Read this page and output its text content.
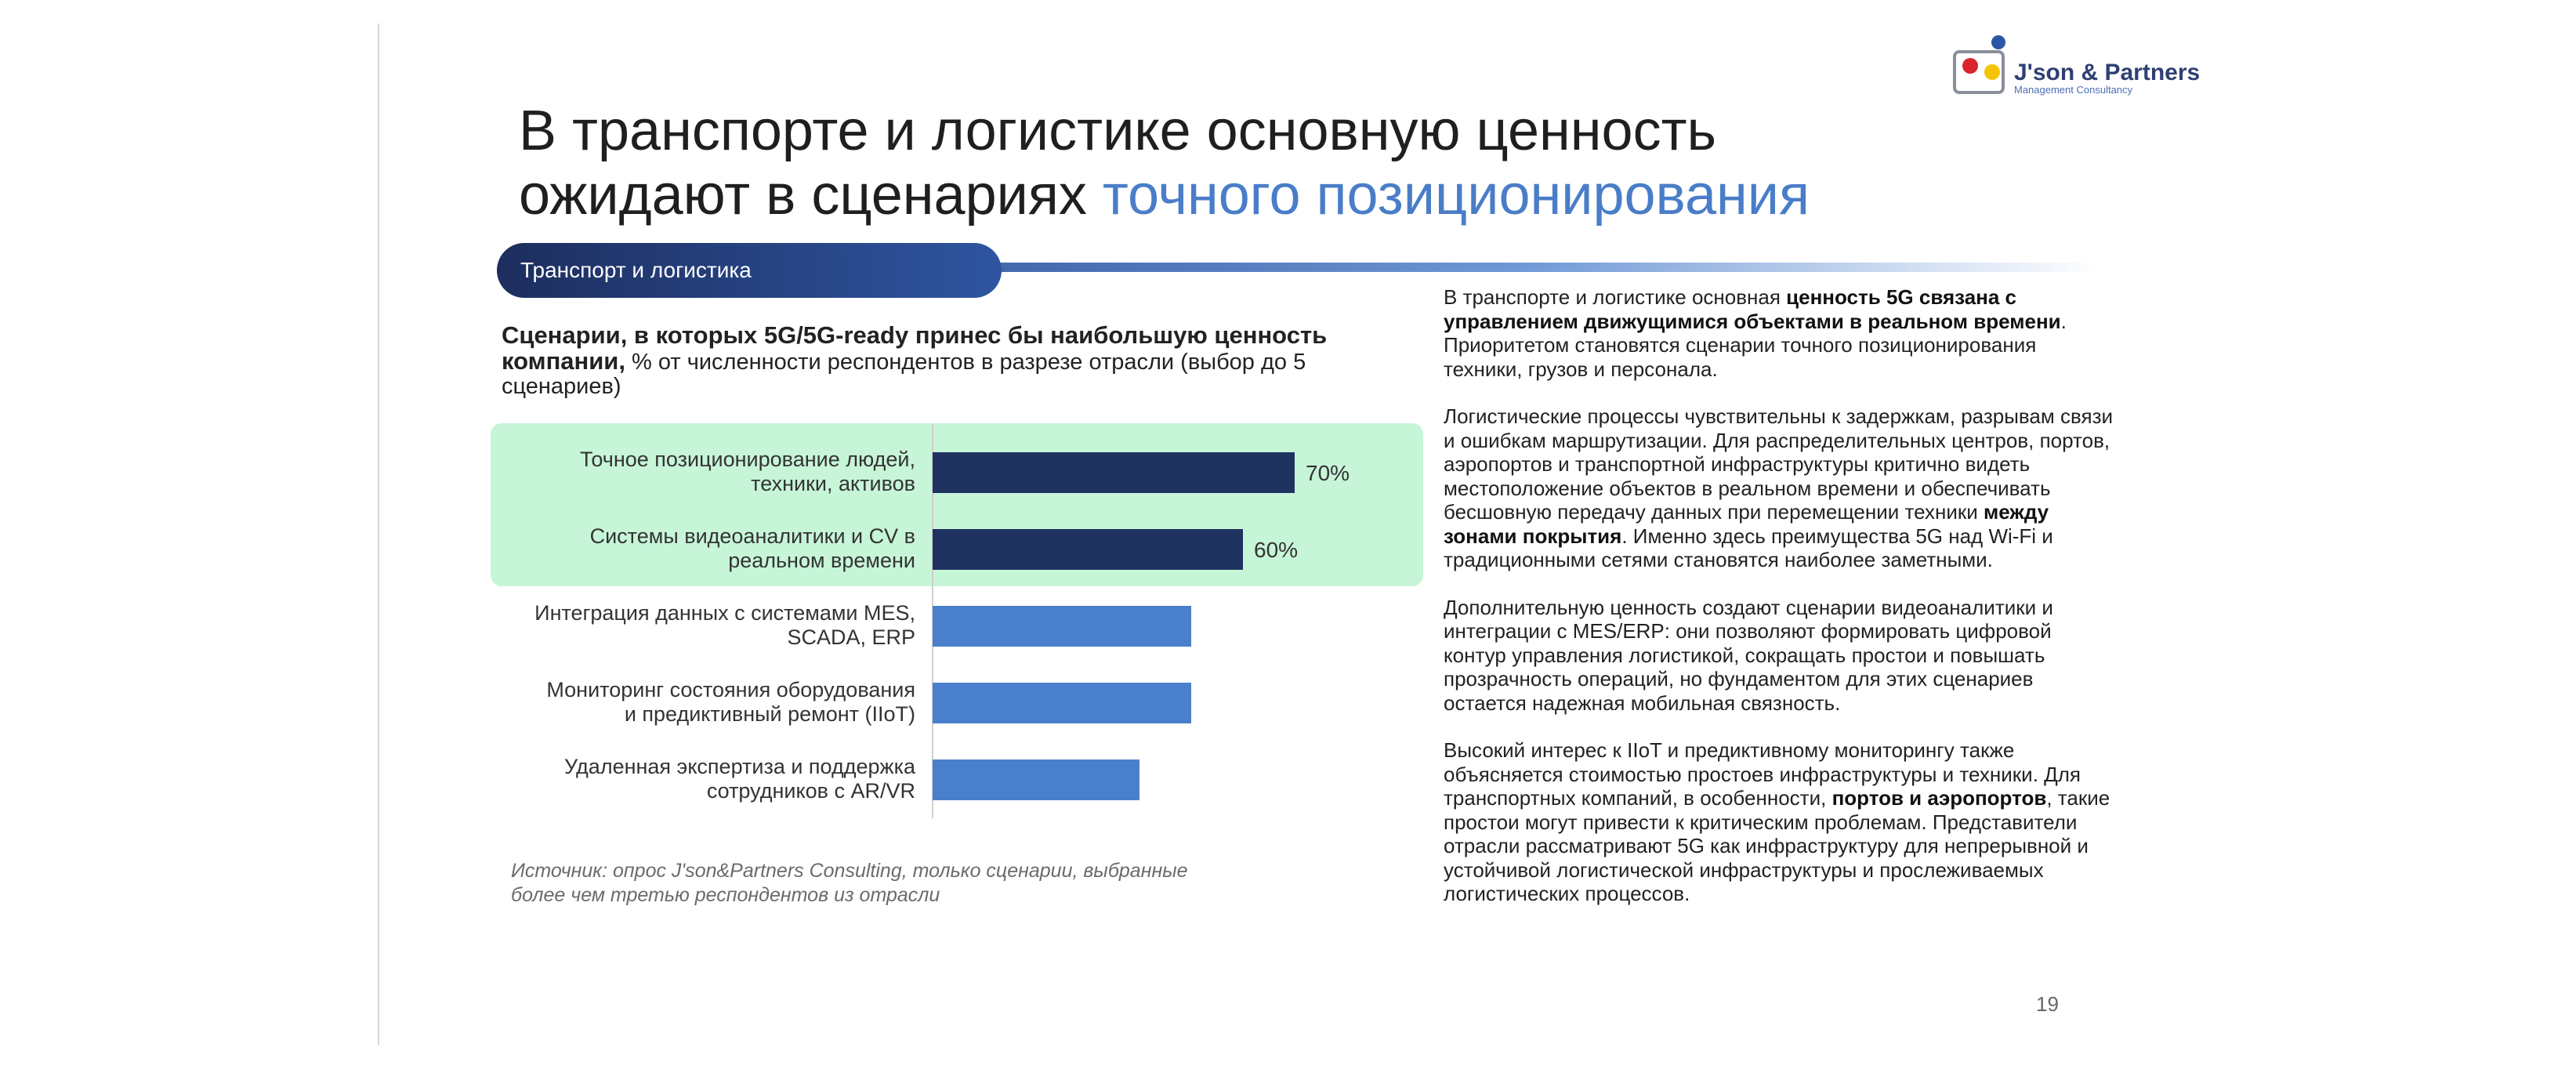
В транспорте и логистике основную ценность
ожидают в сценариях точного позиционирования
J'son & Partners
Management Consultancy
Транспорт и логистика
Сценарии, в которых 5G/5G-ready принес бы наибольшую ценность компании, % от численности респондентов в разрезе отрасли (выбор до 5 сценариев)
Точное позиционирование людей, техники, активов	70%
Системы видеоаналитики и CV в реальном времени	60%
Интеграция данных с системами MES, SCADA, ERP
Мониторинг состояния оборудования и предиктивный ремонт (IIoT)
Удаленная экспертиза и поддержка сотрудников с AR/VR
Источник: опрос J'son&Partners Consulting, только сценарии, выбранные более чем третью респондентов из отрасли

В транспорте и логистике основная ценность 5G связана с управлением движущимися объектами в реальном времени. Приоритетом становятся сценарии точного позиционирования техники, грузов и персонала.

Логистические процессы чувствительны к задержкам, разрывам связи и ошибкам маршрутизации. Для распределительных центров, портов, аэропортов и транспортной инфраструктуры критично видеть местоположение объектов в реальном времени и обеспечивать бесшовную передачу данных при перемещении техники между зонами покрытия. Именно здесь преимущества 5G над Wi-Fi и традиционными сетями становятся наиболее заметными.

Дополнительную ценность создают сценарии видеоаналитики и интеграции с MES/ERP: они позволяют формировать цифровой контур управления логистикой, сокращать простои и повышать прозрачность операций, но фундаментом для этих сценариев остается надежная мобильная связность.

Высокий интерес к IIoT и предиктивному мониторингу также объясняется стоимостью простоев инфраструктуры и техники. Для транспортных компаний, в особенности, портов и аэропортов, такие простои могут привести к критическим проблемам. Представители отрасли рассматривают 5G как инфраструктуру для непрерывной и устойчивой логистической инфраструктуры и прослеживаемых логистических процессов.

19
